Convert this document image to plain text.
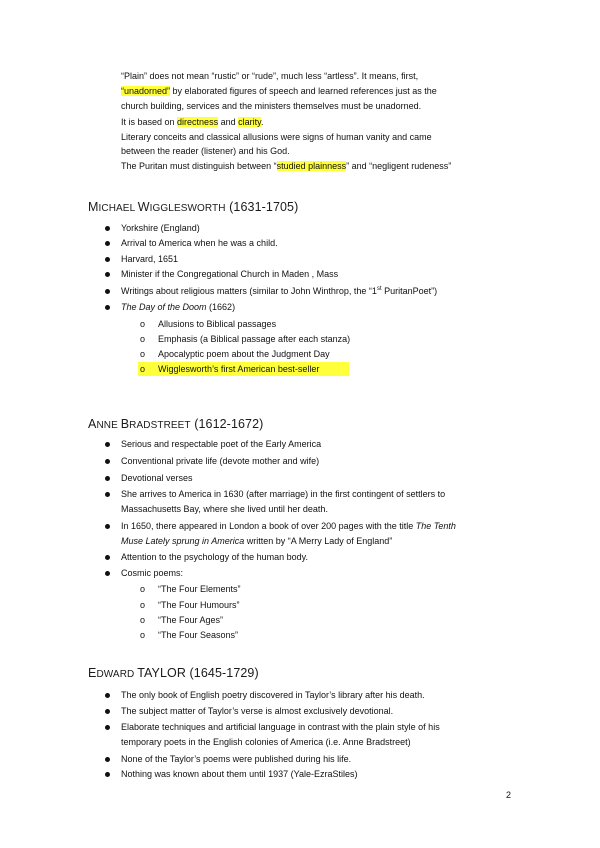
“Plain” does not mean “rustic” or “rude”, much less “artless”. It means, first,
“unadorned” by elaborated figures of speech and learned references just as the
church building, services and the ministers themselves must be unadorned.
It is based on directness and clarity.
Literary conceits and classical allusions were signs of human vanity and came
between the reader (listener) and his God.
The Puritan must distinguish between “studied plainness” and “negligent rudeness”
MICHAEL WIGGLESWORTH (1631-1705)
Yorkshire (England)
Arrival to America when he was a child.
Harvard, 1651
Minister if the Congregational Church in Maden , Mass
Writings about religious matters (similar to John Winthrop, the “1st PuritanPoet”)
The Day of the Doom (1662)
o Allusions to Biblical passages
o Emphasis (a Biblical passage after each stanza)
o Apocalyptic poem about the Judgment Day
o Wigglesworth’s first American best-seller
ANNE BRADSTREET (1612-1672)
Serious and respectable poet of the Early America
Conventional private life (devote mother and wife)
Devotional verses
She arrives to America in 1630 (after marriage) in the first contingent of settlers to
Massachusetts Bay, where she lived until her death.
In 1650, there appeared in London a book of over 200 pages with the title The Tenth
Muse Lately sprung in America written by “A Merry Lady of England”
Attention to the psychology of the human body.
Cosmic poems:
o “The Four Elements”
o “The Four Humours”
o “The Four Ages”
o “The Four Seasons”
EDWARD TAYLOR (1645-1729)
The only book of English poetry discovered in Taylor’s library after his death.
The subject matter of Taylor’s verse is almost exclusively devotional.
Elaborate techniques and artificial language in contrast with the plain style of his
temporary poets in the English colonies of America (i.e. Anne Bradstreet)
None of the Taylor’s poems were published during his life.
Nothing was known about them until 1937 (Yale-EzraStiles)
2
